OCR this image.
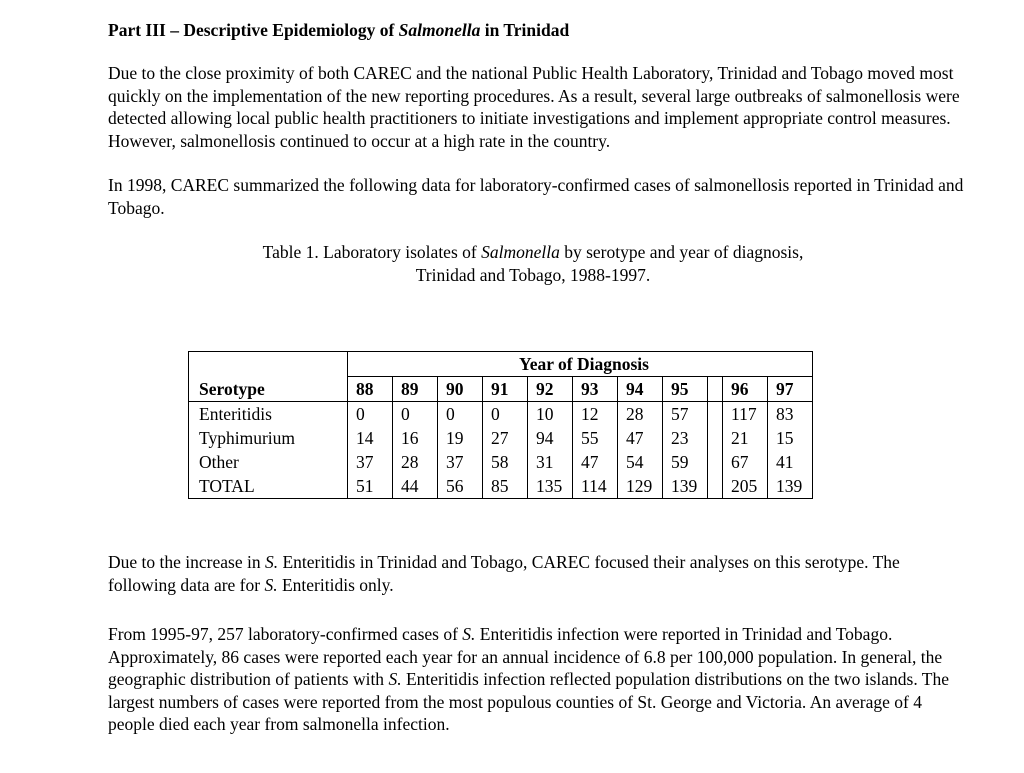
Part III – Descriptive Epidemiology of Salmonella in Trinidad

Due to the close proximity of both CAREC and the national Public Health Laboratory, Trinidad and Tobago moved most quickly on the implementation of the new reporting procedures. As a result, several large outbreaks of salmonellosis were detected allowing local public health practitioners to initiate investigations and implement appropriate control measures. However, salmonellosis continued to occur at a high rate in the country.

In 1998, CAREC summarized the following data for laboratory-confirmed cases of salmonellosis reported in Trinidad and Tobago.

Table 1. Laboratory isolates of Salmonella by serotype and year of diagnosis,
Trinidad and Tobago, 1988-1997.

	Year of Diagnosis										
Serotype	88	89	90	91	92	93	94	95		96	97
Enteritidis	0	0	0	0	10	12	28	57		117	83
Typhimurium	14	16	19	27	94	55	47	23		21	15
Other	37	28	37	58	31	47	54	59		67	41
TOTAL	51	44	56	85	135	114	129	139		205	139

Due to the increase in S. Enteritidis in Trinidad and Tobago, CAREC focused their analyses on this serotype. The following data are for S. Enteritidis only.

From 1995-97, 257 laboratory-confirmed cases of S. Enteritidis infection were reported in Trinidad and Tobago. Approximately, 86 cases were reported each year for an annual incidence of 6.8 per 100,000 population. In general, the geographic distribution of patients with S. Enteritidis infection reflected population distributions on the two islands. The largest numbers of cases were reported from the most populous counties of St. George and Victoria. An average of 4 people died each year from salmonella infection.
